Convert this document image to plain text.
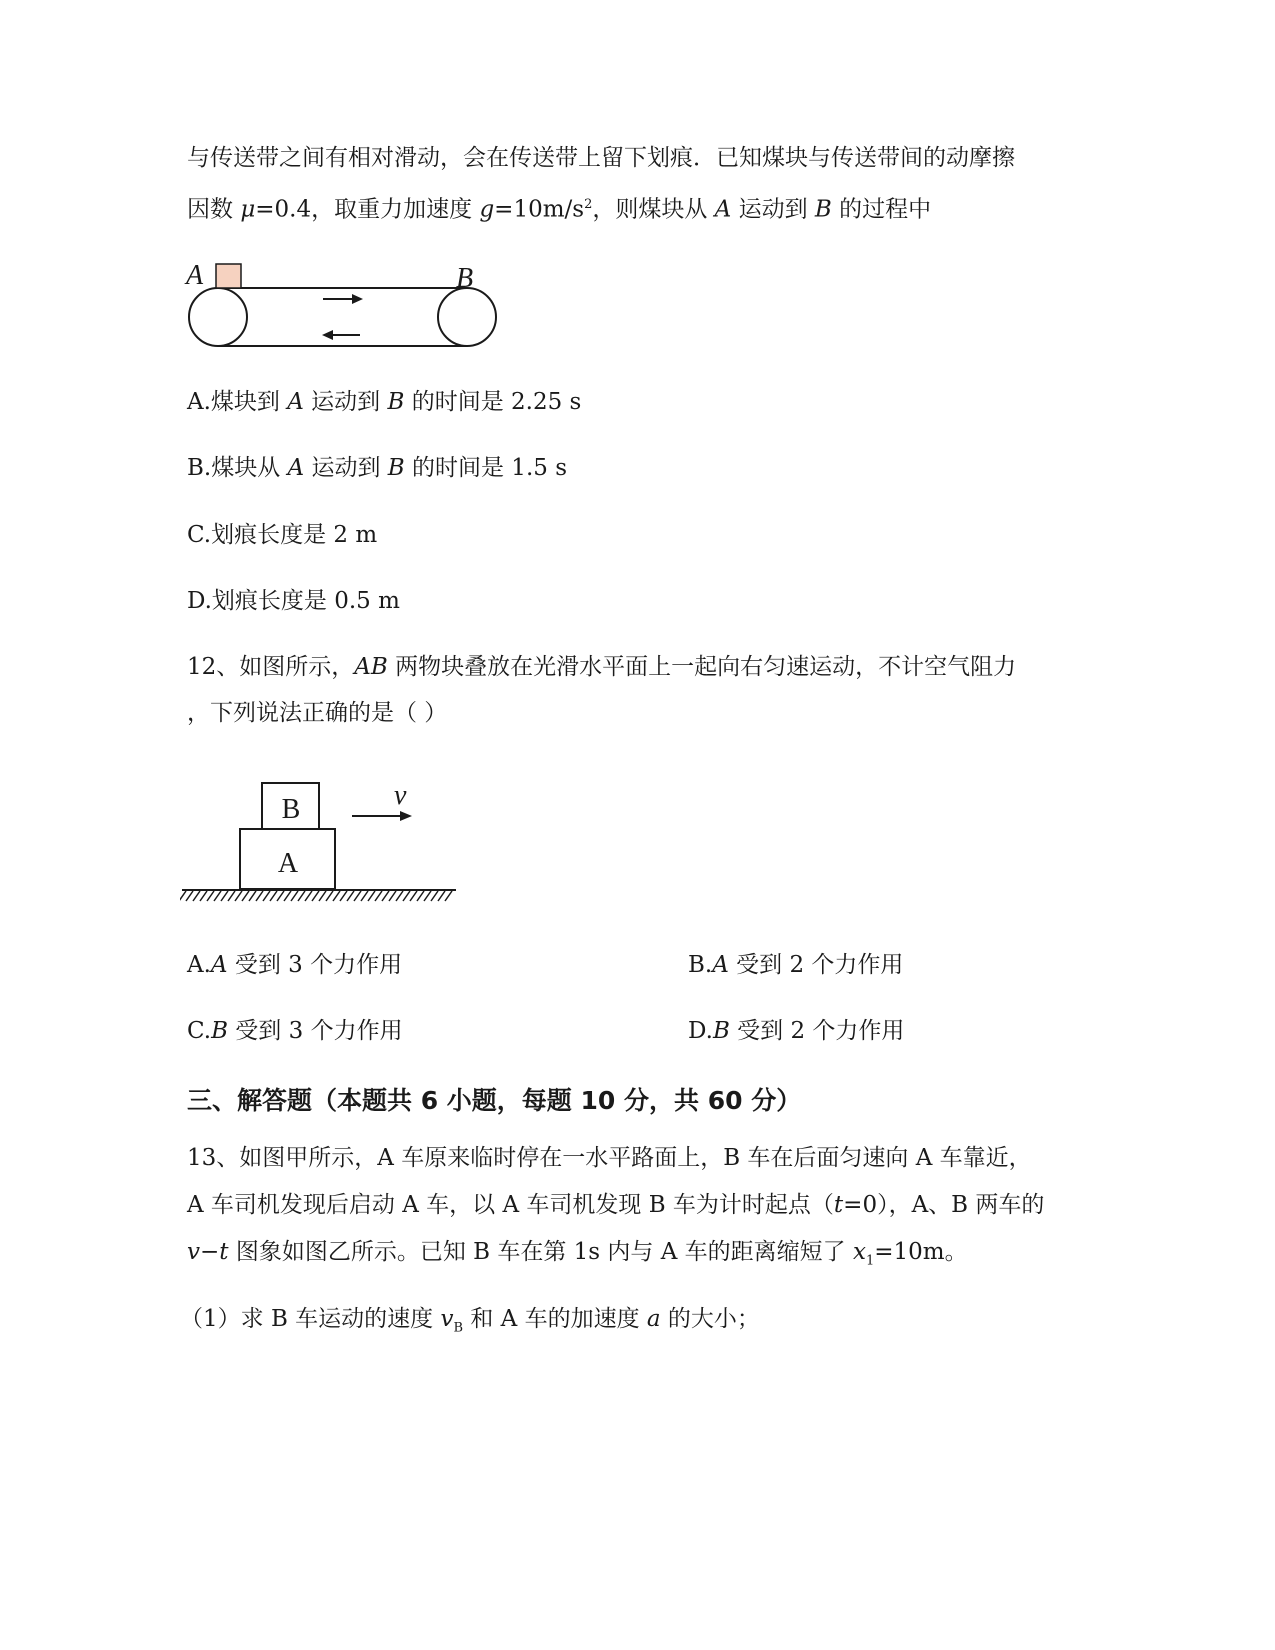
与传送带之间有相对滑动，会在传送带上留下划痕．已知煤块与传送带间的动摩擦
因数 μ=0.4，取重力加速度 $g=10m/s^2$，则煤块从 A 运动到 B 的过程中
A	B
A.煤块到 A 运动到 B 的时间是 2.25 s
B.煤块从 A 运动到 B 的时间是 1.5 s
C.划痕长度是 2 m
D.划痕长度是 0.5 m
12、如图所示，AB 两物块叠放在光滑水平面上一起向右匀速运动，不计空气阻力
，下列说法正确的是（ ）
B
A
v
A.A 受到 3 个力作用	B.A 受到 2 个力作用
C.B 受到 3 个力作用	D.B 受到 2 个力作用
三、解答题（本题共 6 小题，每题 10 分，共 60 分）
13、如图甲所示，A 车原来临时停在一水平路面上，B 车在后面匀速向 A 车靠近，
A 车司机发现后启动 A 车，以 A 车司机发现 B 车为计时起点（t=0），A、B 两车的
v−t 图象如图乙所示。已知 B 车在第 1s 内与 A 车的距离缩短了 $x_1=10m$。
（1）求 B 车运动的速度 $v_B$ 和 A 车的加速度 a 的大小；
